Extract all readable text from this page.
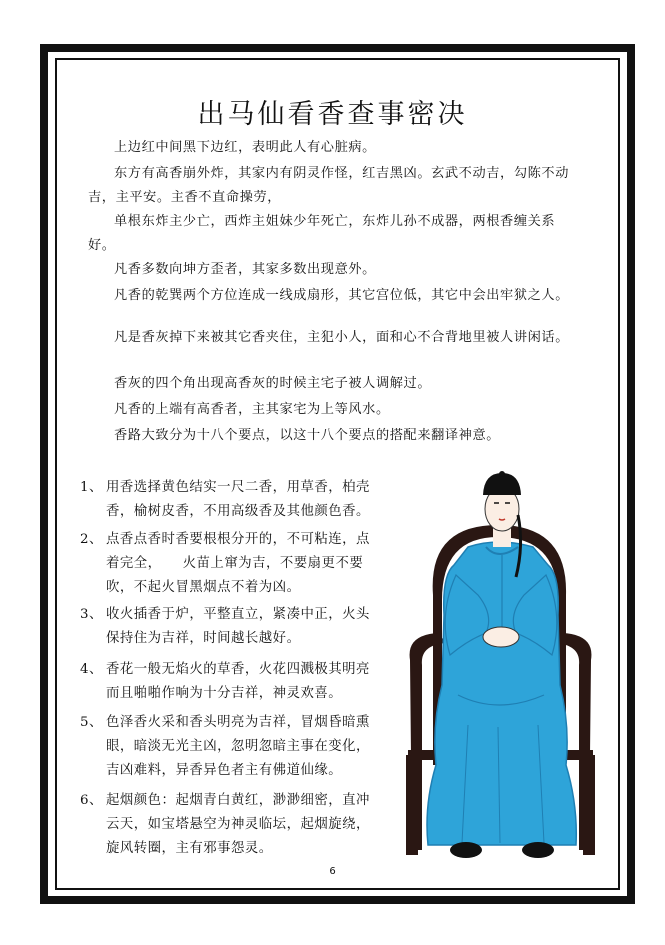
出马仙看香查事密决

上边红中间黑下边红，表明此人有心脏病。

东方有高香崩外炸，其家内有阴灵作怪，红吉黑凶。玄武不动吉，勾陈不动吉，主平安。主香不直命操劳，

单根东炸主少亡，西炸主姐妹少年死亡，东炸儿孙不成器，两根香缠关系好。

凡香多数向坤方歪者，其家多数出现意外。

凡香的乾巽两个方位连成一线成扇形，其它宫位低，其它中会出牢狱之人。

凡是香灰掉下来被其它香夹住，主犯小人，面和心不合背地里被人讲闲话。

香灰的四个角出现高香灰的时候主宅子被人调解过。

凡香的上端有高香者，主其家宅为上等风水。

香路大致分为十八个要点，以这十八个要点的搭配来翻译神意。

1、 用香选择黄色结实一尺二香，用草香，柏壳
香，榆树皮香，不用高级香及其他颜色香。
2、 点香点香时香要根根分开的，不可粘连，点
着完全，　　火苗上窜为吉，不要扇更不要
吹，不起火冒黑烟点不着为凶。
3、 收火插香于炉，平整直立，紧凑中正，火头
保持住为吉祥，时间越长越好。
4、 香花一般无焰火的草香，火花四溅极其明亮
而且啪啪作响为十分吉祥，神灵欢喜。
5、 色泽香火采和香头明亮为吉祥，冒烟昏暗熏
眼，暗淡无光主凶，忽明忽暗主事在变化，
吉凶难料，异香异色者主有佛道仙缘。
6、 起烟颜色：起烟青白黄红，渺渺细密，直冲
云天，如宝塔悬空为神灵临坛，起烟旋绕，
旋风转圈，主有邪事怨灵。
6
